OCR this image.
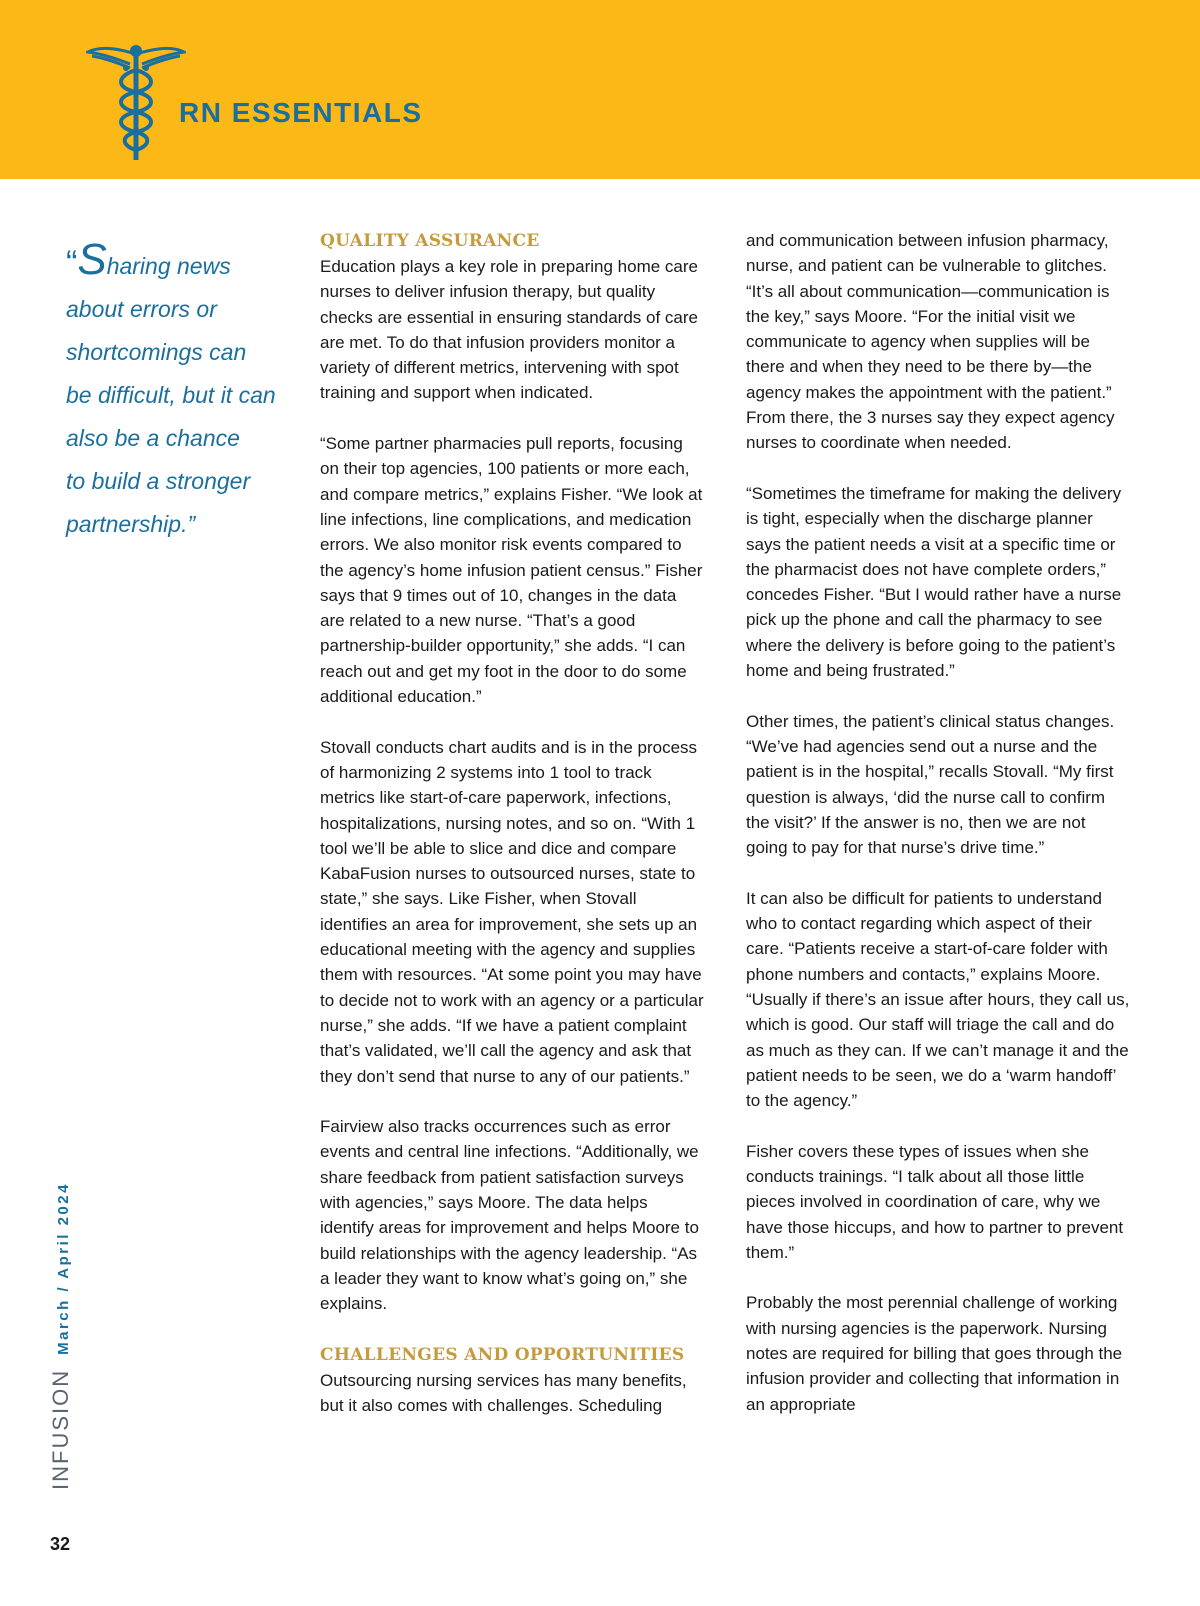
RN ESSENTIALS
“Sharing news
about errors or
shortcomings can
be difficult, but it can
also be a chance
to build a stronger
partnership.”
QUALITY ASSURANCE

Education plays a key role in preparing home care nurses to deliver infusion therapy, but quality checks are essential in ensuring standards of care are met. To do that infusion providers monitor a variety of different metrics, intervening with spot training and support when indicated.

“Some partner pharmacies pull reports, focusing on their top agencies, 100 patients or more each, and compare metrics,” explains Fisher. “We look at line infections, line complications, and medication errors. We also monitor risk events compared to the agency’s home infusion patient census.” Fisher says that 9 times out of 10, changes in the data are related to a new nurse. “That’s a good partnership-builder opportunity,” she adds. “I can reach out and get my foot in the door to do some additional education.”

Stovall conducts chart audits and is in the process of harmonizing 2 systems into 1 tool to track metrics like start-of-care paperwork, infections, hospitalizations, nursing notes, and so on. “With 1 tool we’ll be able to slice and dice and compare KabaFusion nurses to outsourced nurses, state to state,” she says. Like Fisher, when Stovall identifies an area for improvement, she sets up an educational meeting with the agency and supplies them with resources. “At some point you may have to decide not to work with an agency or a particular nurse,” she adds. “If we have a patient complaint that’s validated, we’ll call the agency and ask that they don’t send that nurse to any of our patients.”

Fairview also tracks occurrences such as error events and central line infections. “Additionally, we share feedback from patient satisfaction surveys with agencies,” says Moore. The data helps identify areas for improvement and helps Moore to build relationships with the agency leadership. “As a leader they want to know what’s going on,” she explains.

CHALLENGES AND OPPORTUNITIES

Outsourcing nursing services has many benefits, but it also comes with challenges. Scheduling

and communication between infusion pharmacy, nurse, and patient can be vulnerable to glitches. “It’s all about communication—communication is the key,” says Moore. “For the initial visit we communicate to agency when supplies will be there and when they need to be there by—the agency makes the appointment with the patient.” From there, the 3 nurses say they expect agency nurses to coordinate when needed.

“Sometimes the timeframe for making the delivery is tight, especially when the discharge planner says the patient needs a visit at a specific time or the pharmacist does not have complete orders,” concedes Fisher. “But I would rather have a nurse pick up the phone and call the pharmacy to see where the delivery is before going to the patient’s home and being frustrated.”

Other times, the patient’s clinical status changes. “We’ve had agencies send out a nurse and the patient is in the hospital,” recalls Stovall. “My first question is always, ‘did the nurse call to confirm the visit?’ If the answer is no, then we are not going to pay for that nurse’s drive time.”

It can also be difficult for patients to understand who to contact regarding which aspect of their care. “Patients receive a start-of-care folder with phone numbers and contacts,” explains Moore. “Usually if there’s an issue after hours, they call us, which is good. Our staff will triage the call and do as much as they can. If we can’t manage it and the patient needs to be seen, we do a ‘warm handoff’ to the agency.”

Fisher covers these types of issues when she conducts trainings. “I talk about all those little pieces involved in coordination of care, why we have those hiccups, and how to partner to prevent them.”

Probably the most perennial challenge of working with nursing agencies is the paperwork. Nursing notes are required for billing that goes through the infusion provider and collecting that information in an appropriate

INFUSION
March / April 2024
32
